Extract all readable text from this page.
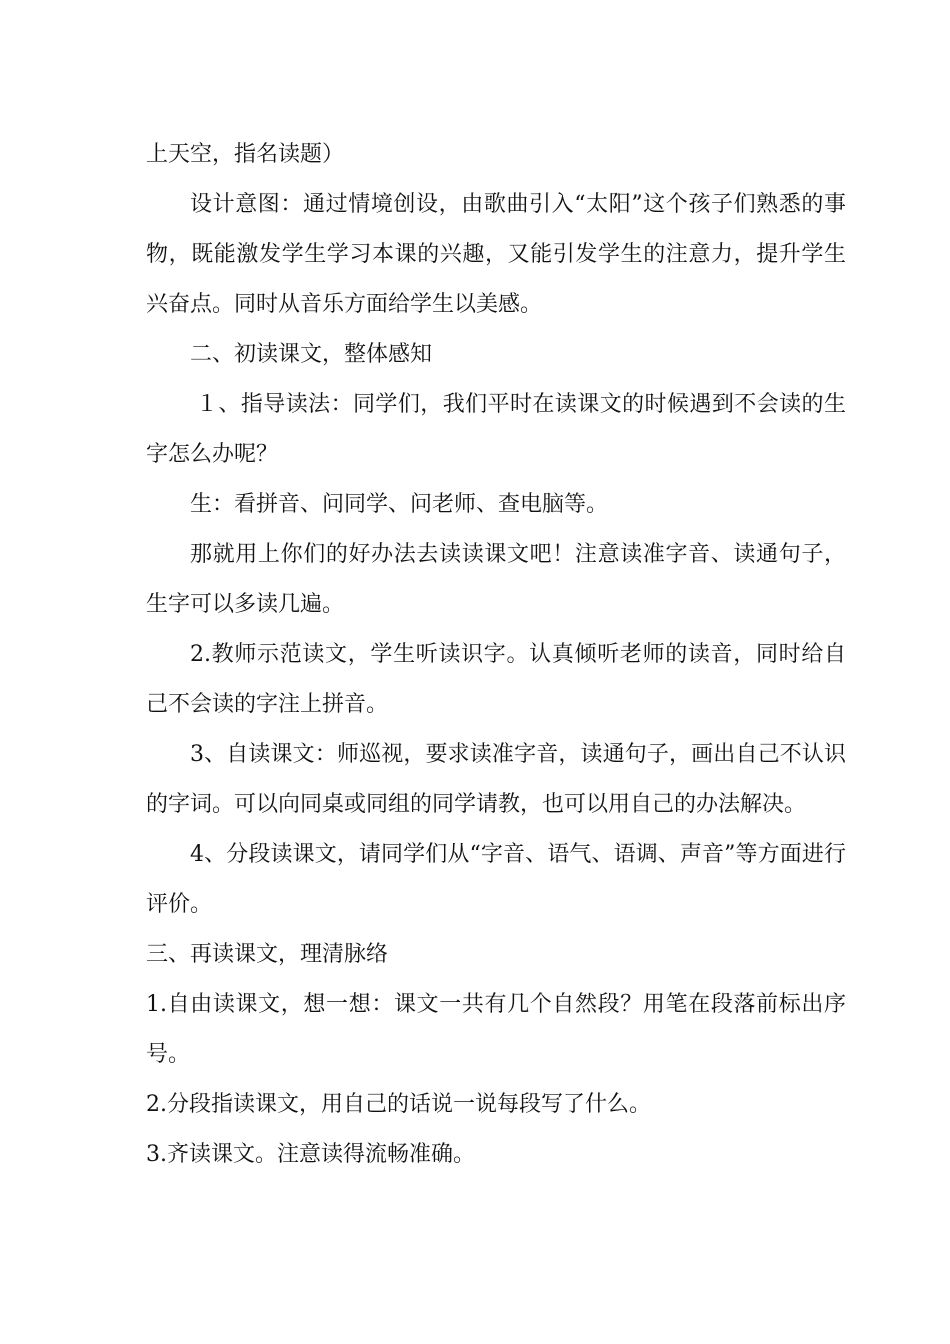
上天空，指名读题）

设计意图：通过情境创设，由歌曲引入“太阳”这个孩子们熟悉的事物，既能激发学生学习本课的兴趣，又能引发学生的注意力，提升学生兴奋点。同时从音乐方面给学生以美感。

二、初读课文，整体感知

１、指导读法：同学们，我们平时在读课文的时候遇到不会读的生字怎么办呢？

生：看拼音、问同学、问老师、查电脑等。

那就用上你们的好办法去读读课文吧！注意读准字音、读通句子，生字可以多读几遍。

2.教师示范读文，学生听读识字。认真倾听老师的读音，同时给自己不会读的字注上拼音。

3、自读课文：师巡视，要求读准字音，读通句子，画出自己不认识的字词。可以向同桌或同组的同学请教，也可以用自己的办法解决。

4、分段读课文，请同学们从“字音、语气、语调、声音”等方面进行评价。

三、再读课文，理清脉络

1.自由读课文，想一想：课文一共有几个自然段？用笔在段落前标出序号。

2.分段指读课文，用自己的话说一说每段写了什么。

3.齐读课文。注意读得流畅准确。
